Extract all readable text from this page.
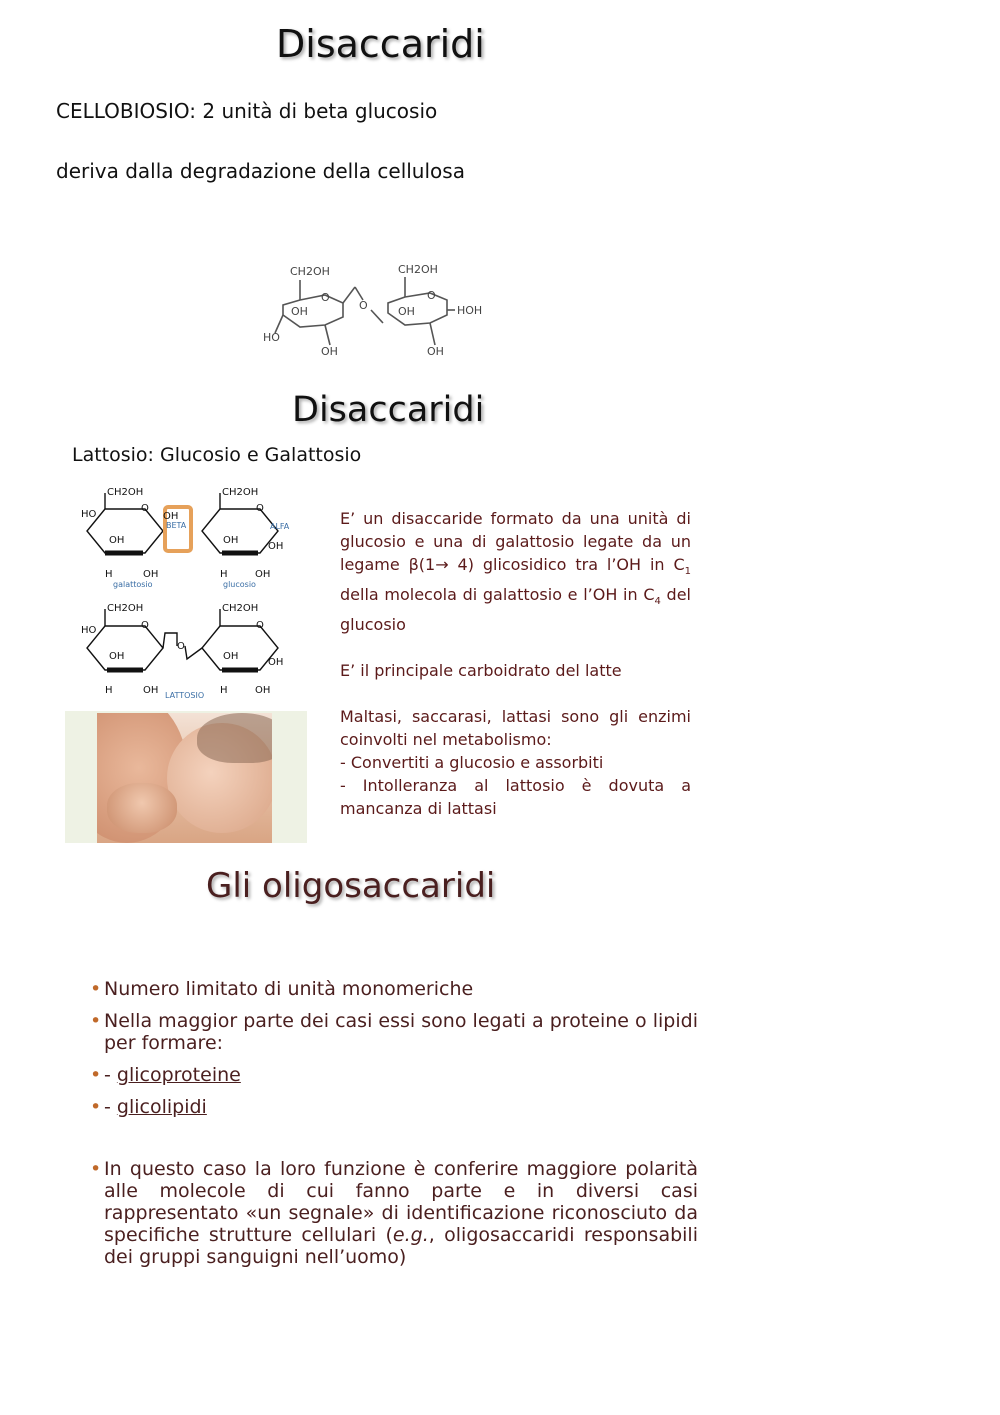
Disaccaridi
CELLOBIOSIO: 2 unità di beta glucosio
deriva dalla degradazione della cellulosa
CH2OH	CH2OH
O	O
O
OH	OH
HO
HOH
OH	OH
Disaccaridi
Lattosio: Glucosio e Galattosio
CH2OH	CH2OH
CH2OH	CH2OH
HO
HO
O	O
O	O
O
OH
OH
OH	OH
OH	OH
OH	OH
OH
OH	OH
H	H
H	H
galattosio	glucosio
BETA	ALFA
LATTOSIO

E’ un disaccaride formato da una unità di glucosio e una di galattosio legate da un legame β(1→ 4) glicosidico tra l’OH in $C_1$ della molecola di galattosio e l’OH in $C_4$ del glucosio

E’ il principale carboidrato del latte

Maltasi, saccarasi, lattasi sono gli enzimi coinvolti nel metabolismo:

- Convertiti a glucosio e assorbiti

- Intolleranza al lattosio è dovuta a mancanza di lattasi

Gli oligosaccaridi

• Numero limitato di unità monomeriche

• Nella maggior parte dei casi essi sono legati a proteine o lipidi per formare:

• - glicoproteine

• - glicolipidi

• In questo caso la loro funzione è conferire maggiore polarità alle molecole di cui fanno parte e in diversi casi rappresentato «un segnale» di identificazione riconosciuto da specifiche strutture cellulari (e.g., oligosaccaridi responsabili dei gruppi sanguigni nell’uomo)
